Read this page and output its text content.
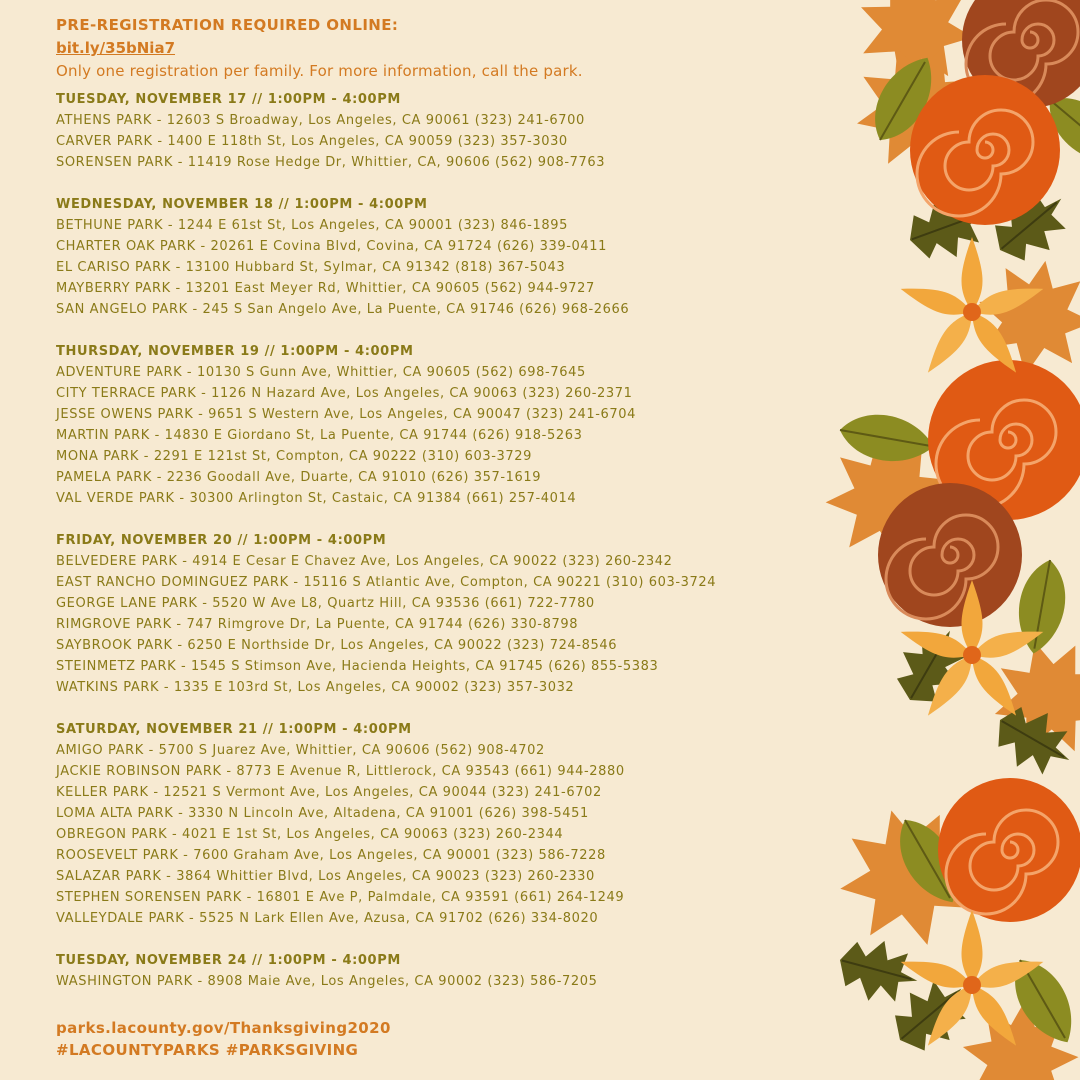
PRE-REGISTRATION REQUIRED ONLINE:
bit.ly/35bNia7
Only one registration per family. For more information, call the park.
TUESDAY, NOVEMBER 17 // 1:00PM - 4:00PM
ATHENS PARK - 12603 S Broadway, Los Angeles, CA 90061 (323) 241-6700
CARVER PARK - 1400 E 118th St, Los Angeles, CA 90059 (323) 357-3030
SORENSEN PARK - 11419 Rose Hedge Dr, Whittier, CA, 90606 (562) 908-7763
WEDNESDAY, NOVEMBER 18 // 1:00PM - 4:00PM
BETHUNE PARK - 1244 E 61st St, Los Angeles, CA 90001 (323) 846-1895
CHARTER OAK PARK - 20261 E Covina Blvd, Covina, CA 91724 (626) 339-0411
EL CARISO PARK - 13100 Hubbard St, Sylmar, CA 91342 (818) 367-5043
MAYBERRY PARK - 13201 East Meyer Rd, Whittier, CA 90605 (562) 944-9727
SAN ANGELO PARK - 245 S San Angelo Ave, La Puente, CA 91746 (626) 968-2666
THURSDAY, NOVEMBER 19 // 1:00PM - 4:00PM
ADVENTURE PARK - 10130 S Gunn Ave, Whittier, CA 90605 (562) 698-7645
CITY TERRACE PARK - 1126 N Hazard Ave, Los Angeles, CA 90063 (323) 260-2371
JESSE OWENS PARK - 9651 S Western Ave, Los Angeles, CA 90047 (323) 241-6704
MARTIN PARK - 14830 E Giordano St, La Puente, CA 91744 (626) 918-5263
MONA PARK - 2291 E 121st St, Compton, CA 90222 (310) 603-3729
PAMELA PARK - 2236 Goodall Ave, Duarte, CA 91010 (626) 357-1619
VAL VERDE PARK - 30300 Arlington St, Castaic, CA 91384 (661) 257-4014
FRIDAY, NOVEMBER 20 // 1:00PM - 4:00PM
BELVEDERE PARK - 4914 E Cesar E Chavez Ave, Los Angeles, CA 90022 (323) 260-2342
EAST RANCHO DOMINGUEZ PARK - 15116 S Atlantic Ave, Compton, CA 90221 (310) 603-3724
GEORGE LANE PARK - 5520 W Ave L8, Quartz Hill, CA 93536 (661) 722-7780
RIMGROVE PARK - 747 Rimgrove Dr, La Puente, CA 91744 (626) 330-8798
SAYBROOK PARK - 6250 E Northside Dr, Los Angeles, CA 90022 (323) 724-8546
STEINMETZ PARK - 1545 S Stimson Ave, Hacienda Heights, CA 91745 (626) 855-5383
WATKINS PARK - 1335 E 103rd St, Los Angeles, CA 90002 (323) 357-3032
SATURDAY, NOVEMBER 21 // 1:00PM - 4:00PM
AMIGO PARK - 5700 S Juarez Ave, Whittier, CA 90606 (562) 908-4702
JACKIE ROBINSON PARK - 8773 E Avenue R, Littlerock, CA 93543 (661) 944-2880
KELLER PARK - 12521 S Vermont Ave, Los Angeles, CA 90044 (323) 241-6702
LOMA ALTA PARK - 3330 N Lincoln Ave, Altadena, CA 91001 (626) 398-5451
OBREGON PARK - 4021 E 1st St, Los Angeles, CA 90063 (323) 260-2344
ROOSEVELT PARK - 7600 Graham Ave, Los Angeles, CA 90001 (323) 586-7228
SALAZAR PARK - 3864 Whittier Blvd, Los Angeles, CA 90023 (323) 260-2330
STEPHEN SORENSEN PARK - 16801 E Ave P, Palmdale, CA 93591 (661) 264-1249
VALLEYDALE PARK - 5525 N Lark Ellen Ave, Azusa, CA 91702 (626) 334-8020
TUESDAY, NOVEMBER 24 // 1:00PM - 4:00PM
WASHINGTON PARK - 8908 Maie Ave, Los Angeles, CA 90002 (323) 586-7205
parks.lacounty.gov/Thanksgiving2020
#LACOUNTYPARKS #PARKSGIVING
